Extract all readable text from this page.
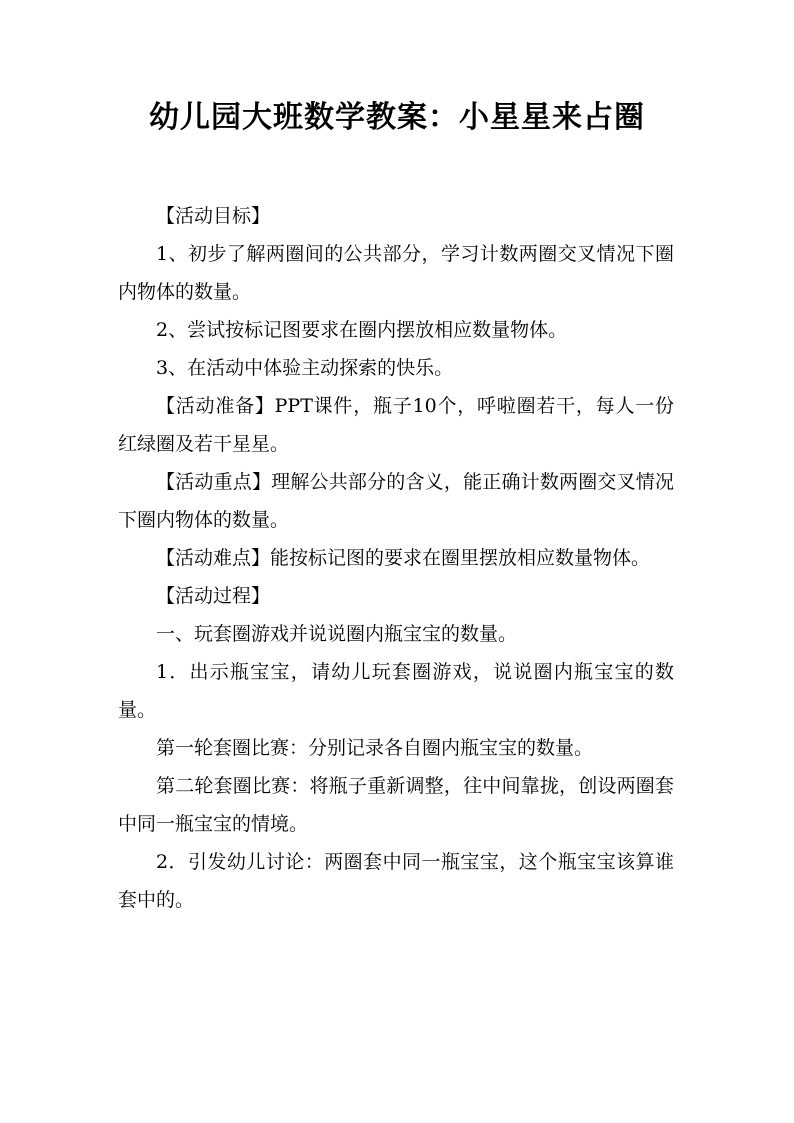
幼儿园大班数学教案：小星星来占圈

【活动目标】

1、初步了解两圈间的公共部分，学习计数两圈交叉情况下圈内物体的数量。

2、尝试按标记图要求在圈内摆放相应数量物体。

3、在活动中体验主动探索的快乐。

【活动准备】PPT课件，瓶子10个，呼啦圈若干，每人一份红绿圈及若干星星。

【活动重点】理解公共部分的含义，能正确计数两圈交叉情况下圈内物体的数量。

【活动难点】能按标记图的要求在圈里摆放相应数量物体。

【活动过程】

一、玩套圈游戏并说说圈内瓶宝宝的数量。

1．出示瓶宝宝，请幼儿玩套圈游戏，说说圈内瓶宝宝的数量。

第一轮套圈比赛：分别记录各自圈内瓶宝宝的数量。

第二轮套圈比赛：将瓶子重新调整，往中间靠拢，创设两圈套中同一瓶宝宝的情境。

2．引发幼儿讨论：两圈套中同一瓶宝宝，这个瓶宝宝该算谁套中的。
